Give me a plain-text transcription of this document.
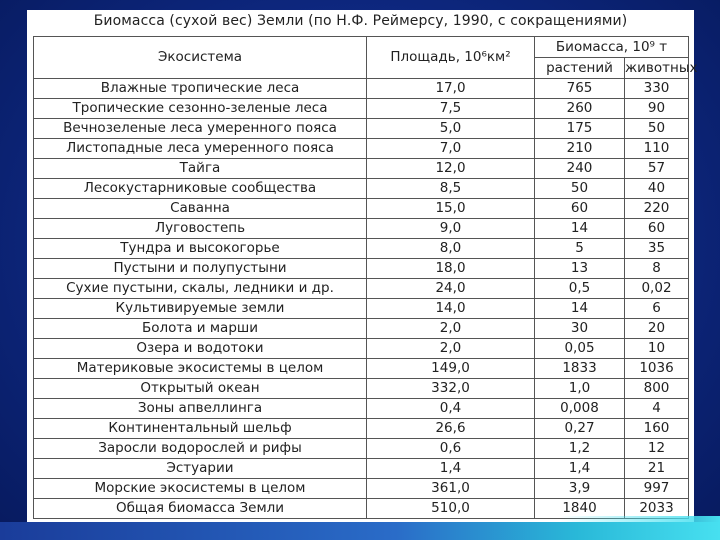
Биомасса (сухой вес) Земли (по Н.Ф. Реймерсу, 1990, с сокращениями)
Экосистема	Площадь, 10⁶км²	Биомасса, 10⁹ т	
		растений	животных
Влажные тропические леса	17,0	765	330
Тропические сезонно-зеленые леса	7,5	260	90
Вечнозеленые леса умеренного пояса	5,0	175	50
Листопадные леса умеренного пояса	7,0	210	110
Тайга	12,0	240	57
Лесокустарниковые сообщества	8,5	50	40
Саванна	15,0	60	220
Луговостепь	9,0	14	60
Тундра и высокогорье	8,0	5	35
Пустыни и полупустыни	18,0	13	8
Сухие пустыни, скалы, ледники и др.	24,0	0,5	0,02
Культивируемые земли	14,0	14	6
Болота и марши	2,0	30	20
Озера и водотоки	2,0	0,05	10
Материковые экосистемы в целом	149,0	1833	1036
Открытый океан	332,0	1,0	800
Зоны апвеллинга	0,4	0,008	4
Континентальный шельф	26,6	0,27	160
Заросли водорослей и рифы	0,6	1,2	12
Эстуарии	1,4	1,4	21
Морские экосистемы в целом	361,0	3,9	997
Общая биомасса Земли	510,0	1840	2033
